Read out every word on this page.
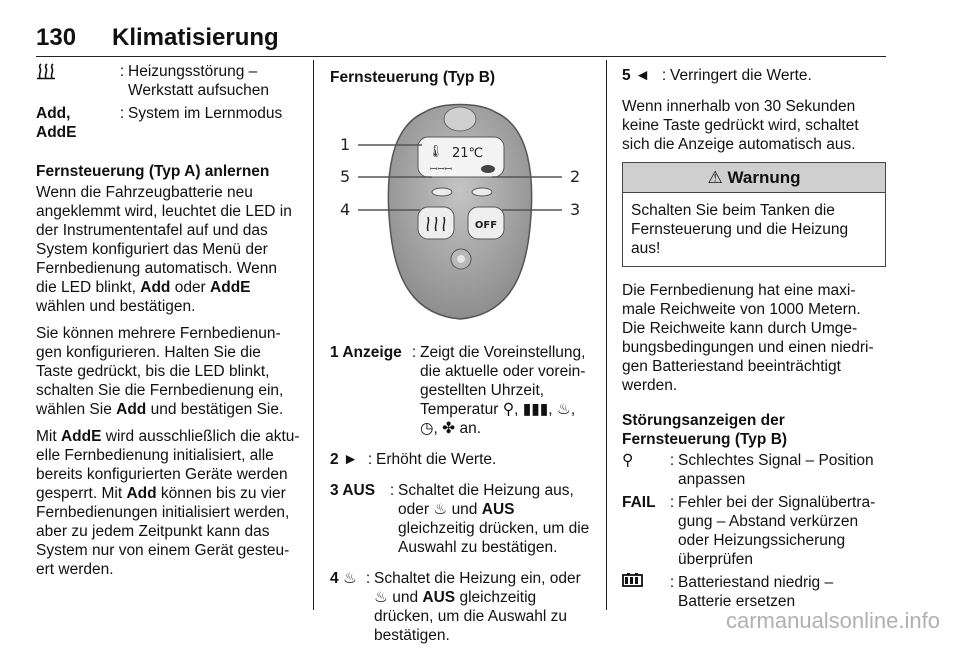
130 Klimatisierung
: Heizungsstörung – Werkstatt aufsuchen
Add, AddE
: System im Lernmodus
Fernsteuerung (Typ A) anlernen

Wenn die Fahrzeugbatterie neu angeklemmt wird, leuchtet die LED in der Instrumententafel auf und das System konfiguriert das Menü der Fernbedienung automatisch. Wenn die LED blinkt, Add oder AddE wählen und bestätigen.

Sie können mehrere Fernbedienun-gen konfigurieren. Halten Sie die Taste gedrückt, bis die LED blinkt, schalten Sie die Fernbedienung ein, wählen Sie Add und bestätigen Sie.

Mit AddE wird ausschließlich die aktu-elle Fernbedienung initialisiert, alle bereits konfigurierten Geräte werden gesperrt. Mit Add können bis zu vier Fernbedienungen initialisiert werden, aber zu jedem Zeitpunkt kann das System nur von einem Gerät gesteu-ert werden.

Fernsteuerung (Typ B)
🌡 21℃
ꟷꟷꟷ
OFF
1
2
3
4
5
1 Anzeige : Zeigt die Voreinstellung, die aktuelle oder vorein-gestellten Uhrzeit, Temperatur ⚲, ▮▮▮, ♨, ◷, ✤ an.
2 ► : Erhöht die Werte.
3 AUS : Schaltet die Heizung aus, oder ♨ und AUS gleichzeitig drücken, um die Auswahl zu bestätigen.
4 ♨ : Schaltet die Heizung ein, oder ♨ und AUS gleichzeitig drücken, um die Auswahl zu bestätigen.
5 ◄ : Verringert die Werte.

Wenn innerhalb von 30 Sekunden keine Taste gedrückt wird, schaltet sich die Anzeige automatisch aus.

⚠ Warnung
Schalten Sie beim Tanken die Fernsteuerung und die Heizung aus!

Die Fernbedienung hat eine maxi-male Reichweite von 1000 Metern. Die Reichweite kann durch Umge-bungsbedingungen und einen niedri-gen Batteriestand beeinträchtigt werden.

Störungsanzeigen der Fernsteuerung (Typ B)
⚲	: Schlechtes Signal – Position anpassen
FAIL : Fehler bei der Signalübertra-gung – Abstand verkürzen oder Heizungssicherung überprüfen
: Batteriestand niedrig – Batterie ersetzen
carmanualsonline.info
